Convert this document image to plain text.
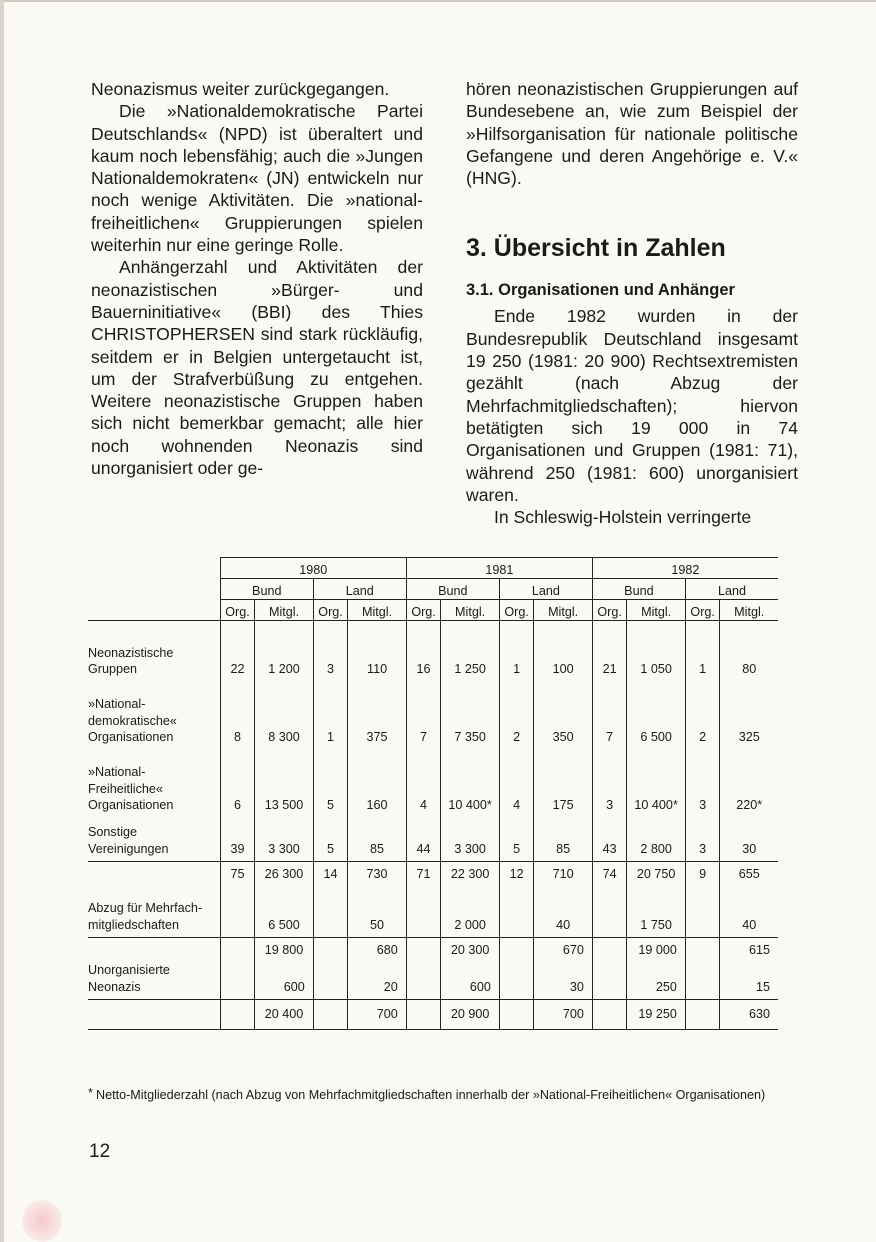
Neonazismus weiter zurückgegangen.

Die »Nationaldemokratische Partei Deutschlands« (NPD) ist überaltert und kaum noch lebensfähig; auch die »Jungen Nationaldemokraten« (JN) entwickeln nur noch wenige Aktivitäten. Die »national-freiheitlichen« Gruppierungen spielen weiterhin nur eine geringe Rolle.

Anhängerzahl und Aktivitäten der neonazistischen »Bürger- und Bauerninitiative« (BBI) des Thies CHRISTOPHERSEN sind stark rückläufig, seitdem er in Belgien untergetaucht ist, um der Strafverbüßung zu entgehen. Weitere neonazistische Gruppen haben sich nicht bemerkbar gemacht; alle hier noch wohnenden Neonazis sind unorganisiert oder ge-

hören neonazistischen Gruppierungen auf Bundesebene an, wie zum Beispiel der »Hilfsorganisation für nationale politische Gefangene und deren Angehörige e. V.« (HNG).

3. Übersicht in Zahlen
3.1. Organisationen und Anhänger

Ende 1982 wurden in der Bundesrepublik Deutschland insgesamt 19 250 (1981: 20 900) Rechtsextremisten gezählt (nach Abzug der Mehrfachmitgliedschaften); hiervon betätigten sich 19 000 in 74 Organisationen und Gruppen (1981: 71), während 250 (1981: 600) unorganisiert waren.

In Schleswig-Holstein verringerte

	1980				1981				1982			
	Bund		Land		Bund		Land		Bund		Land	
	Org.	Mitgl.	Org.	Mitgl.	Org.	Mitgl.	Org.	Mitgl.	Org.	Mitgl.	Org.	Mitgl.
Neonazistische Gruppen	22	1 200	3	110	16	1 250	1	100	21	1 050	1	80
»National-demokratische« Organisationen	8	8 300	1	375	7	7 350	2	350	7	6 500	2	325
»National-Freiheitliche« Organisationen	6	13 500	5	160	4	10 400*	4	175	3	10 400*	3	220*
Sonstige Vereinigungen	39	3 300	5	85	44	3 300	5	85	43	2 800	3	30
	75	26 300	14	730	71	22 300	12	710	74	20 750	9	655
Abzug für Mehrfach-mitgliedschaften		6 500		50		2 000		40		1 750		40
		19 800		680		20 300		670		19 000		615
Unorganisierte Neonazis		600		20		600		30		250		15
		20 400		700		20 900		700		19 250		630
* Netto-Mitgliederzahl (nach Abzug von Mehrfachmitgliedschaften innerhalb der »National-Freiheitlichen« Organisationen)
12
